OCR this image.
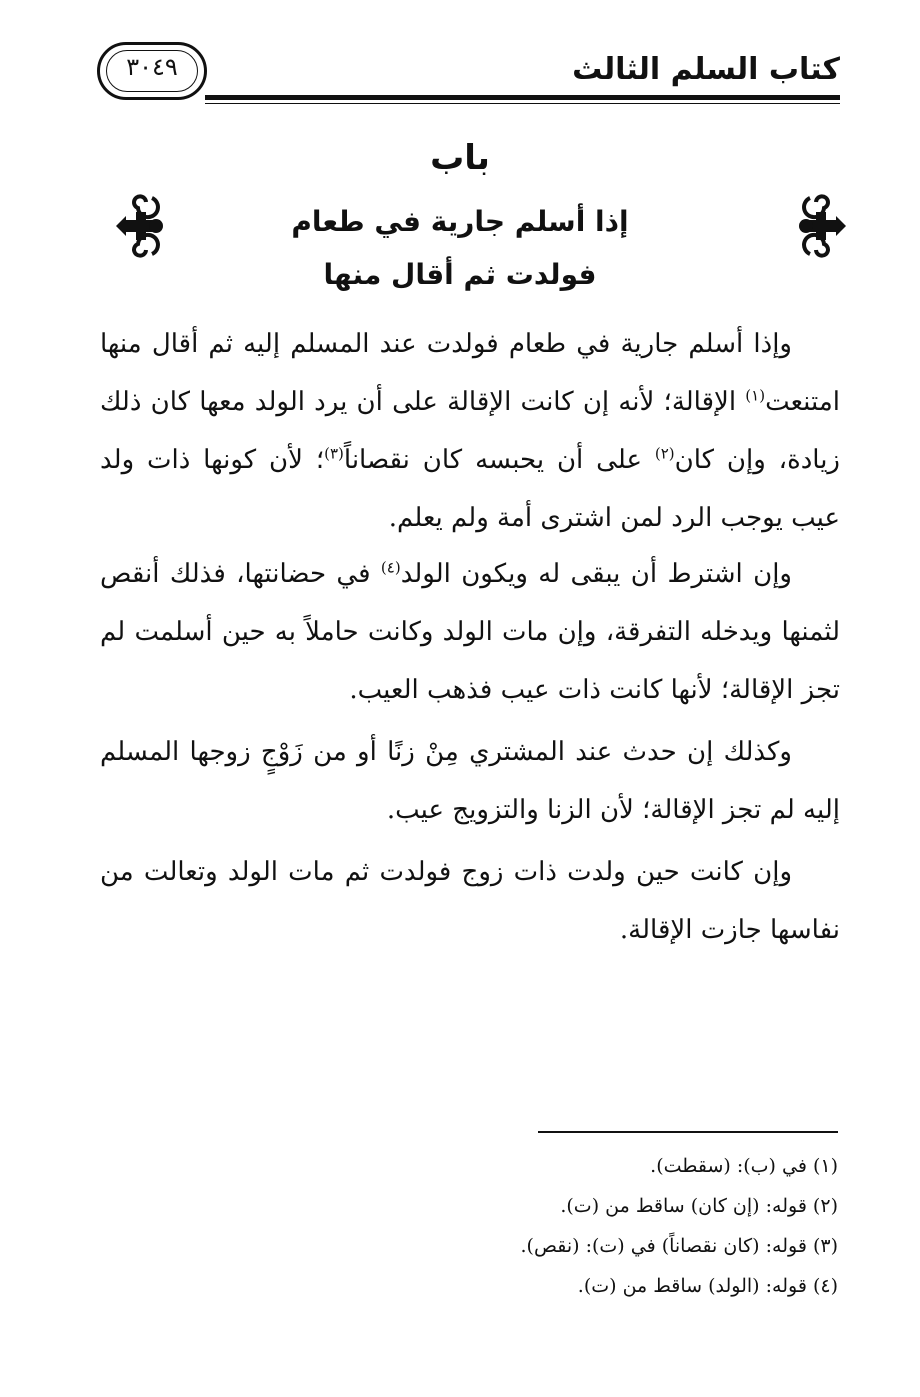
كتاب السلم الثالث
٣٠٤٩
باب
إذا أسلم جارية في طعام
فولدت ثم أقال منها
وإذا أسلم جارية في طعام فولدت عند المسلم إليه ثم أقال منها امتنعت$^{(١)}$ الإقالة؛ لأنه إن كانت الإقالة على أن يرد الولد معها كان ذلك زيادة، وإن كان$^{(٢)}$ على أن يحبسه كان نقصاناً$^{(٣)}$؛ لأن كونها ذات ولد عيب يوجب الرد لمن اشترى أمة ولم يعلم.
وإن اشترط أن يبقى له ويكون الولد$^{(٤)}$ في حضانتها، فذلك أنقص لثمنها ويدخله التفرقة، وإن مات الولد وكانت حاملاً به حين أسلمت لم تجز الإقالة؛ لأنها كانت ذات عيب فذهب العيب.
وكذلك إن حدث عند المشتري مِنْ زنًا أو من زَوْجٍ زوجها المسلم إليه لم تجز الإقالة؛ لأن الزنا والتزويج عيب.
وإن كانت حين ولدت ذات زوج فولدت ثم مات الولد وتعالت من نفاسها جازت الإقالة.
(١) في (ب): (سقطت).
(٢) قوله: (إن كان) ساقط من (ت).
(٣) قوله: (كان نقصاناً) في (ت): (نقص).
(٤) قوله: (الولد) ساقط من (ت).
